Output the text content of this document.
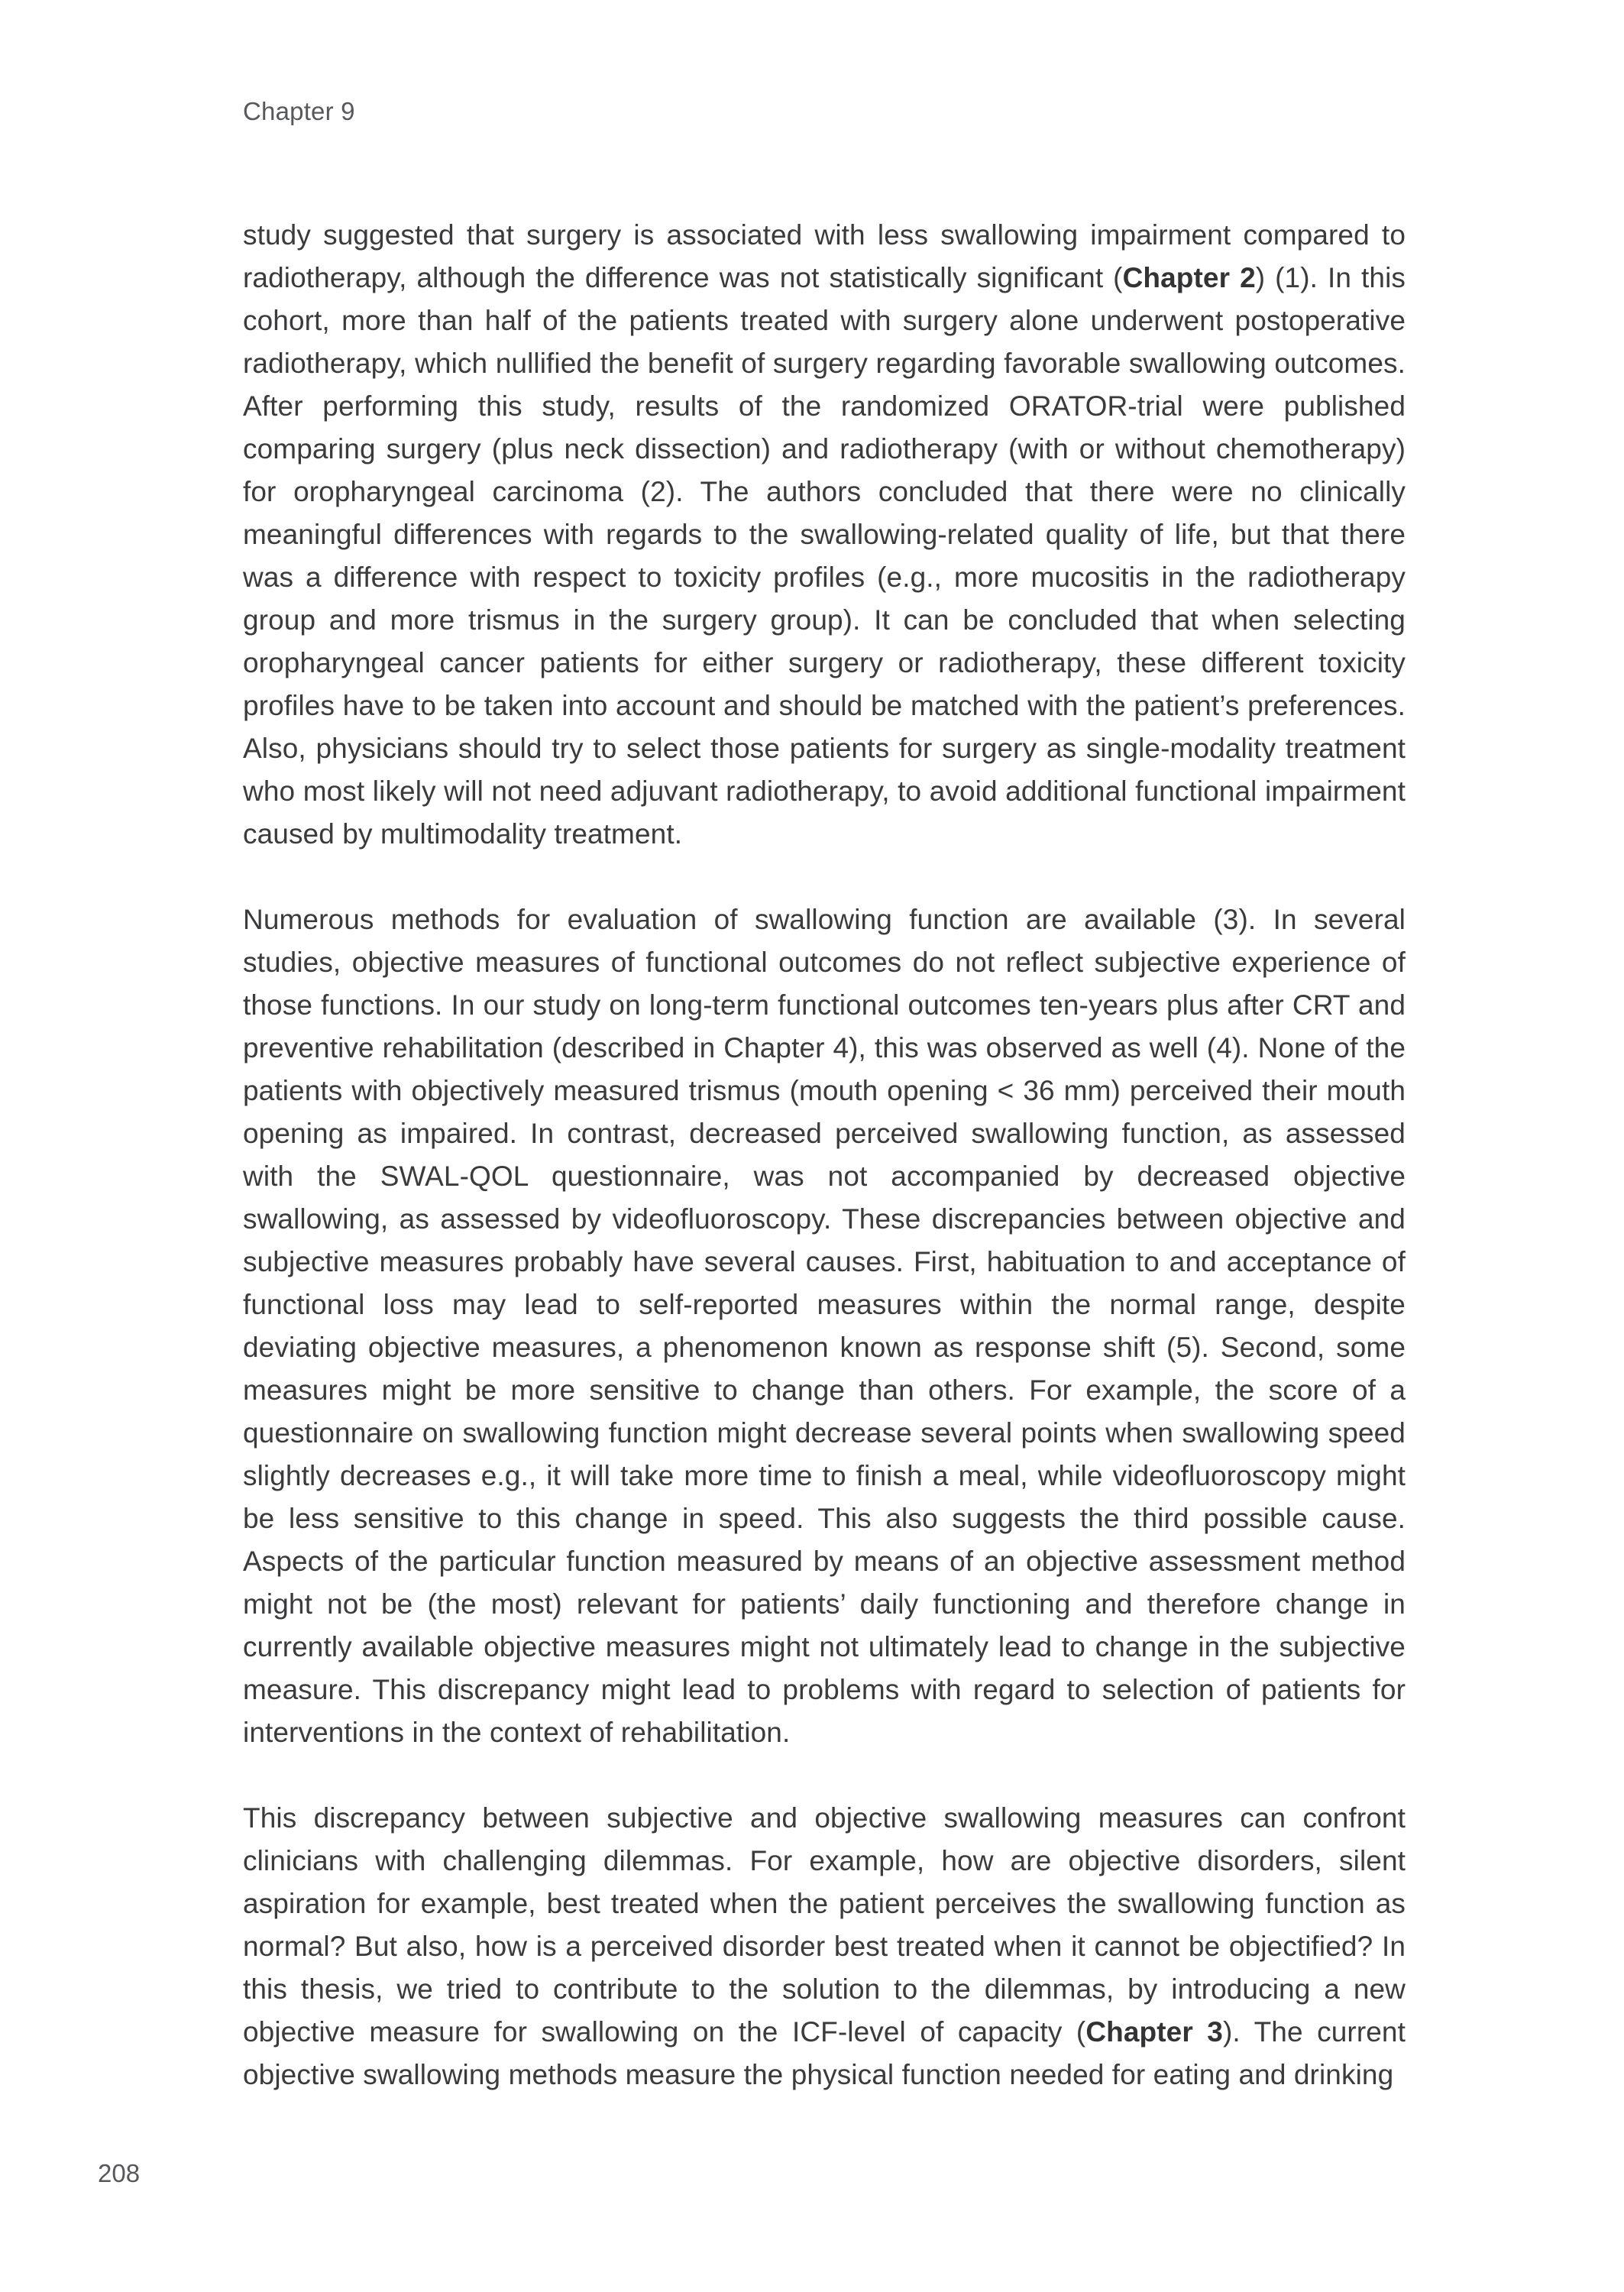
Chapter 9

study suggested that surgery is associated with less swallowing impairment compared to radiotherapy, although the difference was not statistically significant (Chapter 2) (1). In this cohort, more than half of the patients treated with surgery alone underwent postoperative radiotherapy, which nullified the benefit of surgery regarding favorable swallowing outcomes. After performing this study, results of the randomized ORATOR-trial were published comparing surgery (plus neck dissection) and radiotherapy (with or without chemotherapy) for oropharyngeal carcinoma (2). The authors concluded that there were no clinically meaningful differences with regards to the swallowing-related quality of life, but that there was a difference with respect to toxicity profiles (e.g., more mucositis in the radiotherapy group and more trismus in the surgery group). It can be concluded that when selecting oropharyngeal cancer patients for either surgery or radiotherapy, these different toxicity profiles have to be taken into account and should be matched with the patient’s preferences. Also, physicians should try to select those patients for surgery as single-modality treatment who most likely will not need adjuvant radiotherapy, to avoid additional functional impairment caused by multimodality treatment.

Numerous methods for evaluation of swallowing function are available (3). In several studies, objective measures of functional outcomes do not reflect subjective experience of those functions. In our study on long-term functional outcomes ten-years plus after CRT and preventive rehabilitation (described in Chapter 4), this was observed as well (4). None of the patients with objectively measured trismus (mouth opening < 36 mm) perceived their mouth opening as impaired. In contrast, decreased perceived swallowing function, as assessed with the SWAL-QOL questionnaire, was not accompanied by decreased objective swallowing, as assessed by videofluoroscopy. These discrepancies between objective and subjective measures probably have several causes. First, habituation to and acceptance of functional loss may lead to self-reported measures within the normal range, despite deviating objective measures, a phenomenon known as response shift (5). Second, some measures might be more sensitive to change than others. For example, the score of a questionnaire on swallowing function might decrease several points when swallowing speed slightly decreases e.g., it will take more time to finish a meal, while videofluoroscopy might be less sensitive to this change in speed. This also suggests the third possible cause. Aspects of the particular function measured by means of an objective assessment method might not be (the most) relevant for patients’ daily functioning and therefore change in currently available objective measures might not ultimately lead to change in the subjective measure. This discrepancy might lead to problems with regard to selection of patients for interventions in the context of rehabilitation.

This discrepancy between subjective and objective swallowing measures can confront clinicians with challenging dilemmas. For example, how are objective disorders, silent aspiration for example, best treated when the patient perceives the swallowing function as normal? But also, how is a perceived disorder best treated when it cannot be objectified? In this thesis, we tried to contribute to the solution to the dilemmas, by introducing a new objective measure for swallowing on the ICF-level of capacity (Chapter 3). The current objective swallowing methods measure the physical function needed for eating and drinking

208
